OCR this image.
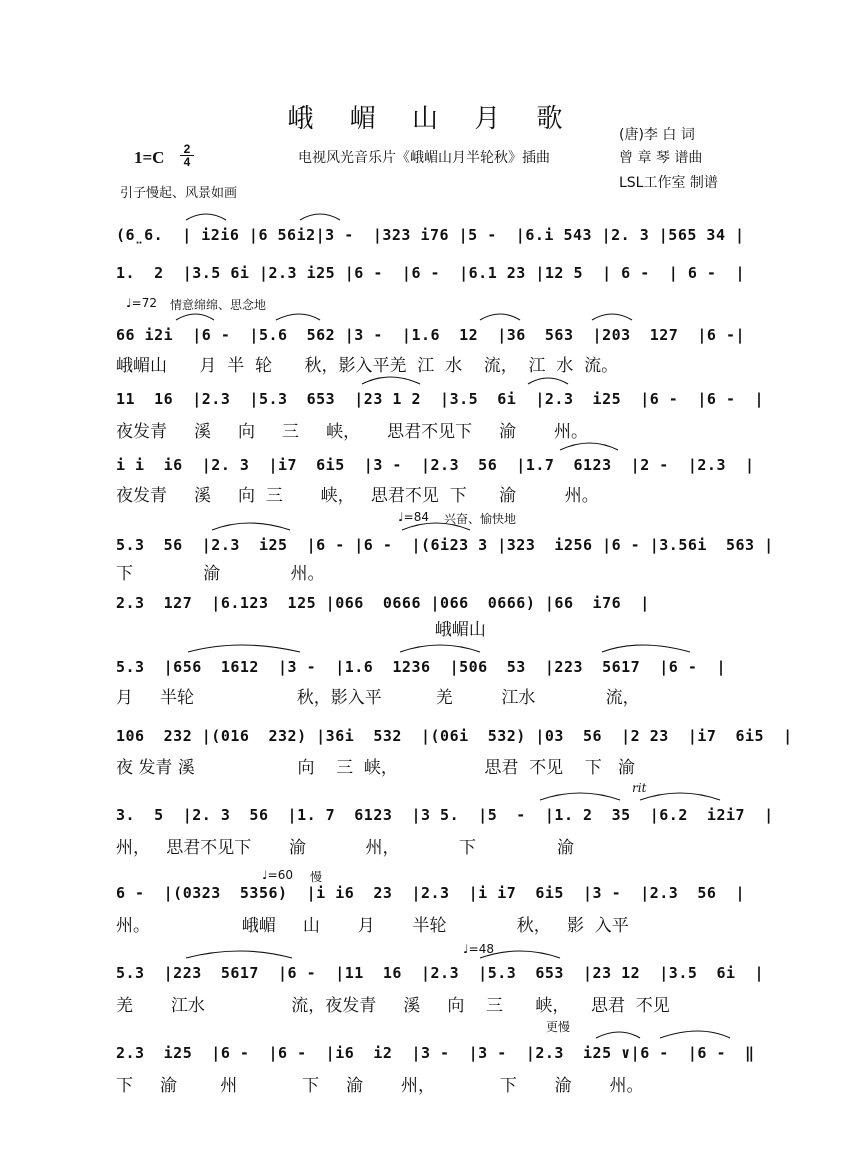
峨 嵋 山 月 歌
(唐)李 白 词
电视风光音乐片《峨嵋山月半轮秋》插曲	曾 章 琴 谱曲
LSL工作室 制谱
1=C	2
4
引子慢起、风景如画
♩=72 情意绵绵、思念地
♩=84 兴奋、愉快地
rit
♩=60 慢
♩=48
更慢
(6̤6.  | i2i6 |6 56i2|3 -  |323 i76 |5 -  |6.i 543 |2. 3 |565 34 |
1.  2  |3.5 6i |2.3 i25 |6 -  |6 -  |6.1 23 |12 5  | 6 -  | 6 -  |
66 i2i  |6 -  |5.6  562 |3 -  |1.6  12  |36  563  |203  127  |6 -|
11  16  |2.3  |5.3  653  |23 1 2  |3.5  6i  |2.3  i25  |6 -  |6 -  |
i i  i6  |2. 3  |i7  6i5  |3 -  |2.3  56  |1.7  6123  |2 -  |2.3  |
5.3  56  |2.3  i25  |6 - |6 -  |(6i23 3 |323  i256 |6 - |3.56i  563 |
2.3  127  |6.123  125 |066  0666 |066  0666) |66  i76  |
5.3  |656  1612  |3 -  |1.6  1236  |506  53  |223  5617  |6 -  |
106  232 |(016  232) |36i  532  |(06i  532) |03  56  |2 23  |i7  6i5  |
3.  5  |2. 3  56  |1. 7  6123  |3 5.  |5  -  |1. 2  35  |6.2  i2i7  |
6 -  |(0323  5356)  |i i6  23  |2.3  |i i7  6i5  |3 -  |2.3  56  |
5.3  |223  5617  |6 -  |11  16  |2.3  |5.3  653  |23 12  |3.5  6i  |
2.3  i25  |6 -  |6 -  |i6  i2  |3 -  |3 -  |2.3  i25 ∨|6 -  |6 -  ‖
峨嵋山      月  半  轮      秋，影入平羌  江  水    流，  江  水  流。
夜发青     溪     向     三     峡，     思君不见下     渝       州。
夜发青     溪     向  三       峡，   思君不见  下      渝         州。
下             渝             州。
峨嵋山
月     半轮                   秋，影入平          羌         江水             流，
夜 发青 溪                   向    三  峡，                思君  不见    下   渝
州，   思君不见下       渝           州，           下               渝
州。                 峨嵋     山       月       半轮             秋，   影  入平
羌       江水                流，夜发青     溪     向    三      峡，    思君  不见
下     渝        州            下     渝       州，            下       渝       州。
